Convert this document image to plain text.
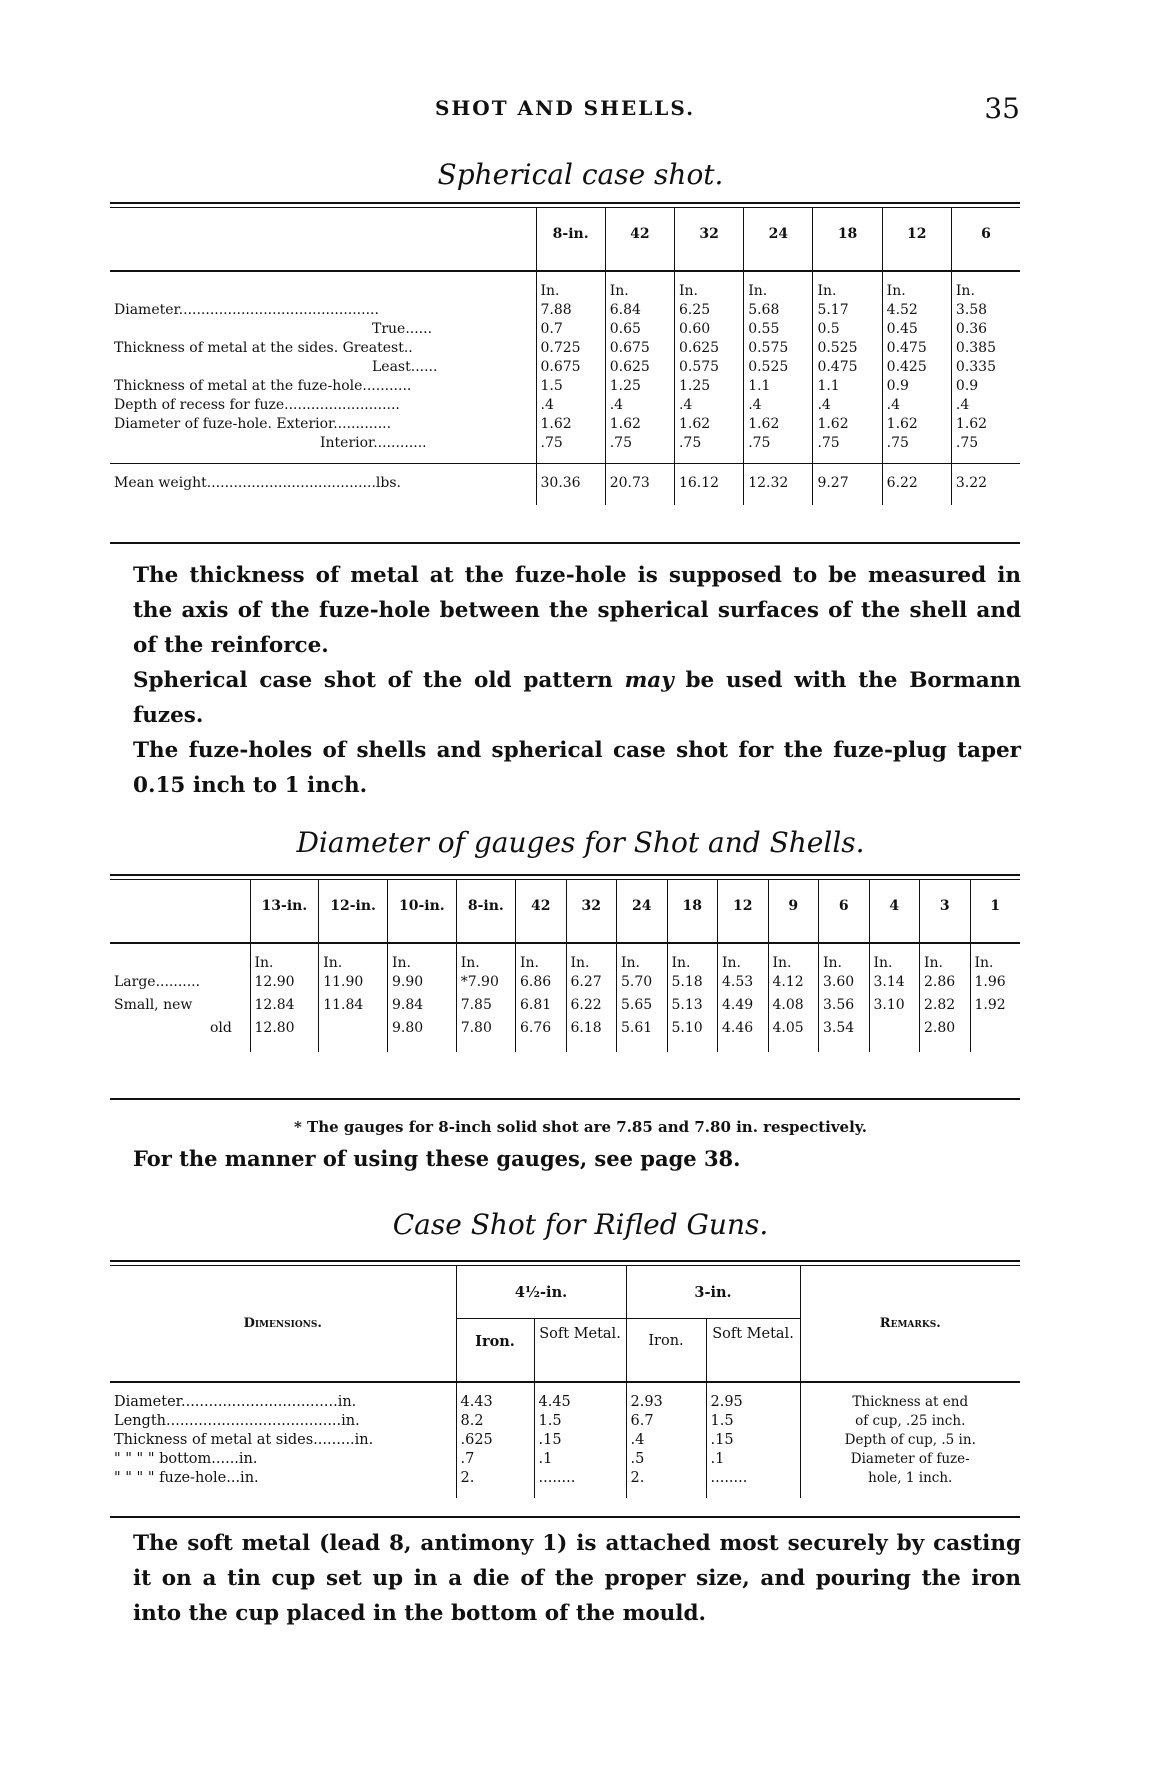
SHOT AND SHELLS.	35
Spherical case shot.
	8-in.	42	32	24	18	12	6

	In.	In.	In.	In.	In.	In.	In.
Diameter.............................................	7.88	6.84	6.25	5.68	5.17	4.52	3.58
True......	0.7	0.65	0.60	0.55	0.5	0.45	0.36
Thickness of metal at the sides. Greatest..	0.725	0.675	0.625	0.575	0.525	0.475	0.385
Least......	0.675	0.625	0.575	0.525	0.475	0.425	0.335
Thickness of metal at the fuze-hole...........	1.5	1.25	1.25	1.1	1.1	0.9	0.9
Depth of recess for fuze..........................	.4	.4	.4	.4	.4	.4	.4
Diameter of fuze-hole. Exterior.............	1.62	1.62	1.62	1.62	1.62	1.62	1.62
Interior............	.75	.75	.75	.75	.75	.75	.75

Mean weight......................................lbs.	30.36	20.73	16.12	12.32	9.27	6.22	3.22
The thickness of metal at the fuze-hole is supposed to be measured in the axis of the fuze-hole between the spherical surfaces of the shell and of the reinforce.
Spherical case shot of the old pattern may be used with the Bormann fuzes.
The fuze-holes of shells and spherical case shot for the fuze-plug taper 0.15 inch to 1 inch.
Diameter of gauges for Shot and Shells.
	13-in.	12-in.	10-in.	8-in.	42	32	24	18	12	9	6	4	3	1

	In.	In.	In.	In.	In.	In.	In.	In.	In.	In.	In.	In.	In.	In.
Large..........	12.90	11.90	9.90	*7.90	6.86	6.27	5.70	5.18	4.53	4.12	3.60	3.14	2.86	1.96
Small, new	12.84	11.84	9.84	7.85	6.81	6.22	5.65	5.13	4.49	4.08	3.56	3.10	2.82	1.92
old	12.80		9.80	7.80	6.76	6.18	5.61	5.10	4.46	4.05	3.54		2.80	

* The gauges for 8-inch solid shot are 7.85 and 7.80 in. respectively.
For the manner of using these gauges, see page 38.
Case Shot for Rifled Guns.
Dimensions.	4½-in.		3-in.		Remarks.
	Iron.	Soft Metal.	Iron.	Soft Metal.	

Diameter..................................in.	4.43	4.45	2.93	2.95	Thickness at end
Length......................................in.	8.2	1.5	6.7	1.5	of cup, .25 inch.
Thickness of metal at sides.........in.	.625	.15	.4	.15	Depth of cup, .5 in.
" " " " bottom......in.	.7	.1	.5	.1	Diameter of fuze-
" " " " fuze-hole...in.	2.	........	2.	........	hole, 1 inch.

The soft metal (lead 8, antimony 1) is attached most securely by casting it on a tin cup set up in a die of the proper size, and pouring the iron into the cup placed in the bottom of the mould.
